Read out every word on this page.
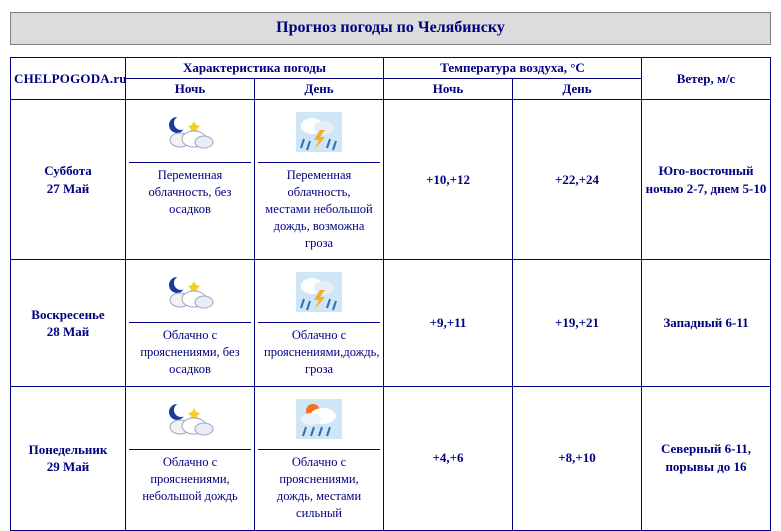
Прогноз погоды по Челябинску
CHELPOGODA.ru	Характеристика погоды		Температура воздуха, °С		Ветер, м/с
	Ночь	День	Ночь	День	

Суббота
27 Май	Переменная облачность, без осадков	Переменная облачность, местами небольшой дождь, возможна гроза	+10,+12	+22,+24	Юго-восточный ночью 2-7, днем 5-10

Воскресенье
28 Май	Облачно с прояснениями, без осадков	Облачно с прояснениями,дождь, гроза	+9,+11	+19,+21	Западный 6-11

Понедельник
29 Май	Облачно с прояснениями, небольшой дождь	Облачно с прояснениями, дождь, местами сильный	+4,+6	+8,+10	Северный 6-11, порывы до 16
